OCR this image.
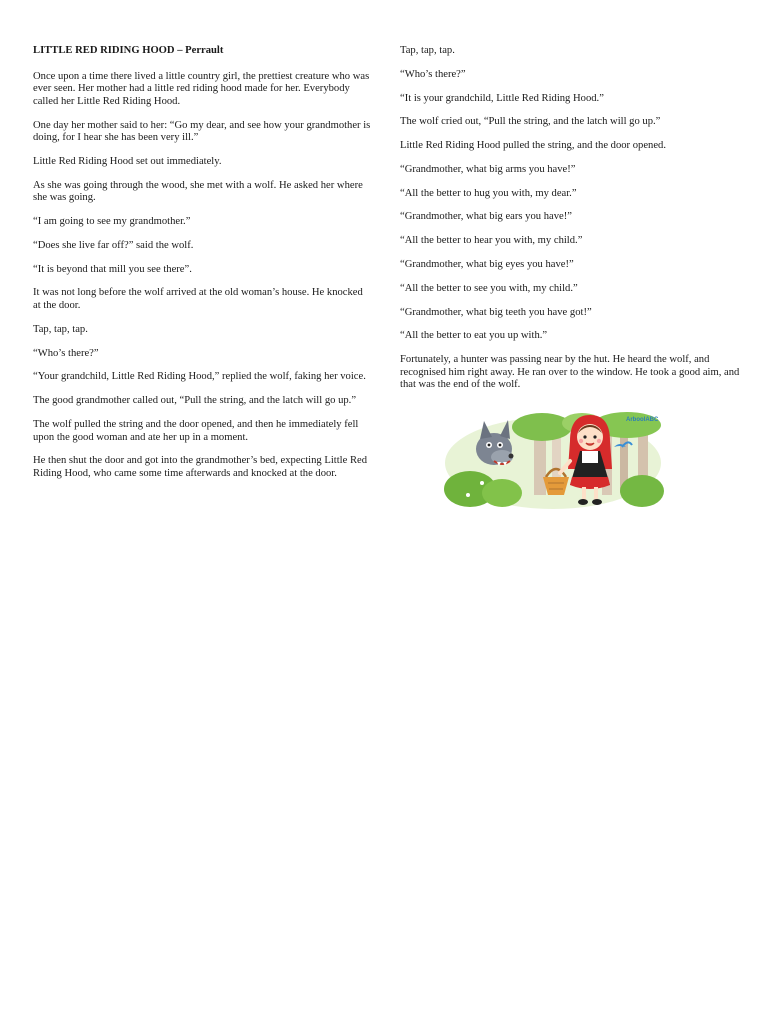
LITTLE RED RIDING HOOD – Perrault

Once upon a time there lived a little country girl, the prettiest creature who was ever seen. Her mother had a little red riding hood made for her. Everybody called her Little Red Riding Hood.

One day her mother said to her: “Go my dear, and see how your grandmother is doing, for I hear she has been very ill.”

Little Red Riding Hood set out immediately.

As she was going through the wood, she met with a wolf. He asked her where she was going.

“I am going to see my grandmother.”

“Does she live far off?” said the wolf.

“It is beyond that mill you see there”.

It was not long before the wolf arrived at the old woman’s house. He knocked at the door.

Tap, tap, tap.

“Who’s there?”

“Your grandchild, Little Red Riding Hood,” replied the wolf, faking her voice.

The good grandmother called out, “Pull the string, and the latch will go up.”

The wolf pulled the string and the door opened, and then he immediately fell upon the good woman and ate her up in a moment.

He then shut the door and got into the grandmother’s bed, expecting Little Red Riding Hood, who came some time afterwards and knocked at the door.

Tap, tap, tap.

“Who’s there?”

“It is your grandchild, Little Red Riding Hood.”

The wolf cried out, “Pull the string, and the latch will go up.”

Little Red Riding Hood pulled the string, and the door opened.

“Grandmother, what big arms you have!”

“All the better to hug you with, my dear.”

“Grandmother, what big ears you have!”

“All the better to hear you with, my child.”

“Grandmother, what big eyes you have!”

“All the better to see you with, my child.”

“Grandmother, what big teeth you have got!”

“All the better to eat you up with.”

Fortunately, a hunter was passing near by the hut. He heard the wolf, and recognised him right away. He ran over to the window. He took a good aim, and that was the end of the wolf.

ArboolABC
